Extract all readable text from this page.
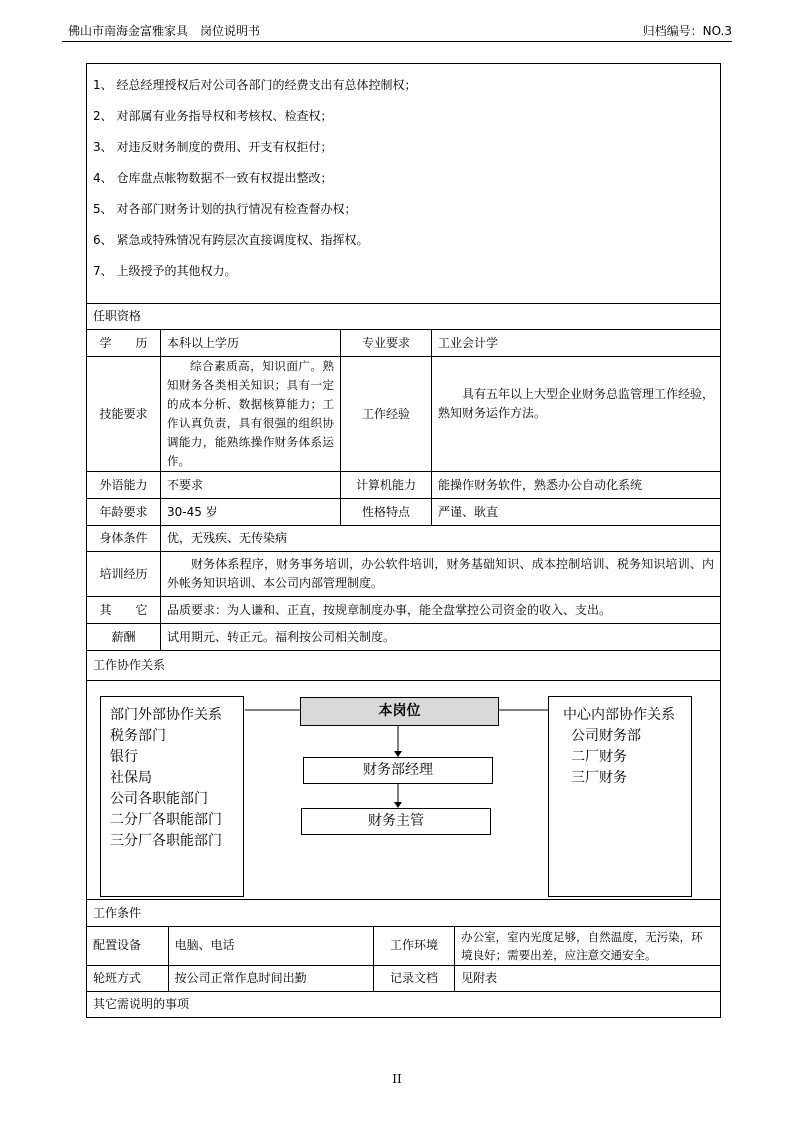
佛山市南海金富雅家具　岗位说明书	归档编号：NO.3
1、 经总经理授权后对公司各部门的经费支出有总体控制权；
2、 对部属有业务指导权和考核权、检查权；
3、 对违反财务制度的费用、开支有权拒付；
4、 仓库盘点帐物数据不一致有权提出整改；
5、 对各部门财务计划的执行情况有检查督办权；
6、 紧急或特殊情况有跨层次直接调度权、指挥权。
7、 上级授予的其他权力。

任职资格
学　　历	本科以上学历	专业要求	工业会计学
技能要求	综合素质高，知识面广。熟知财务各类相关知识；具有一定的成本分析、数据核算能力；工作认真负责，具有很强的组织协调能力，能熟练操作财务体系运作。	工作经验	具有五年以上大型企业财务总监管理工作经验，熟知财务运作方法。
外语能力	不要求	计算机能力	能操作财务软件，熟悉办公自动化系统
年龄要求	30-45 岁	性格特点	严谨、耿直
身体条件	优，无残疾、无传染病
培训经历	财务体系程序，财务事务培训，办公软件培训，财务基础知识、成本控制培训、税务知识培训、内外帐务知识培训、本公司内部管理制度。
其　　它	品质要求：为人谦和、正直，按规章制度办事，能全盘掌控公司资金的收入、支出。
薪酬	试用期元、转正元。福利按公司相关制度。
工作协作关系

部门外部协作关系
税务部门
银行
社保局
公司各职能部门
二分厂各职能部门
三分厂各职能部门
本岗位
财务部经理
财务主管
中心内部协作关系
公司财务部
二厂财务
三厂财务

工作条件

配置设备	电脑、电话	工作环境	办公室，室内光度足够，自然温度，无污染，环境良好；需要出差，应注意交通安全。
轮班方式	按公司正常作息时间出勤	记录文档	见附表

其它需说明的事项
II
